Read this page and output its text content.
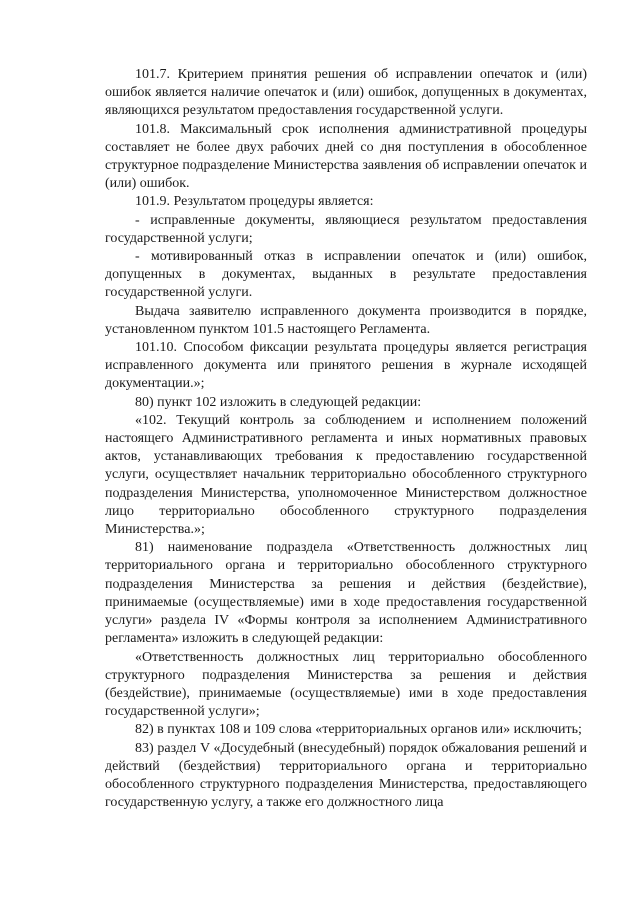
101.7. Критерием принятия решения об исправлении опечаток и (или) ошибок является наличие опечаток и (или) ошибок, допущенных в документах, являющихся результатом предоставления государственной услуги.

101.8. Максимальный срок исполнения административной процедуры составляет не более двух рабочих дней со дня поступления в обособленное структурное подразделение Министерства заявления об исправлении опечаток и (или) ошибок.

101.9. Результатом процедуры является:

- исправленные документы, являющиеся результатом предоставления государственной услуги;

- мотивированный отказ в исправлении опечаток и (или) ошибок, допущенных в документах, выданных в результате предоставления государственной услуги.

Выдача заявителю исправленного документа производится в порядке, установленном пунктом 101.5 настоящего Регламента.

101.10. Способом фиксации результата процедуры является регистрация исправленного документа или принятого решения в журнале исходящей документации.»;

80) пункт 102 изложить в следующей редакции:

«102. Текущий контроль за соблюдением и исполнением положений настоящего Административного регламента и иных нормативных правовых актов, устанавливающих требования к предоставлению государственной услуги, осуществляет начальник территориально обособленного структурного подразделения Министерства, уполномоченное Министерством должностное лицо территориально обособленного структурного подразделения Министерства.»;

81) наименование подраздела «Ответственность должностных лиц территориального органа и территориально обособленного структурного подразделения Министерства за решения и действия (бездействие), принимаемые (осуществляемые) ими в ходе предоставления государственной услуги» раздела IV «Формы контроля за исполнением Административного регламента» изложить в следующей редакции:

«Ответственность должностных лиц территориально обособленного структурного подразделения Министерства за решения и действия (бездействие), принимаемые (осуществляемые) ими в ходе предоставления государственной услуги»;

82) в пунктах 108 и 109 слова «территориальных органов или» исключить;

83) раздел V «Досудебный (внесудебный) порядок обжалования решений и действий (бездействия) территориального органа и территориально обособленного структурного подразделения Министерства, предоставляющего государственную услугу, а также его должностного лица
